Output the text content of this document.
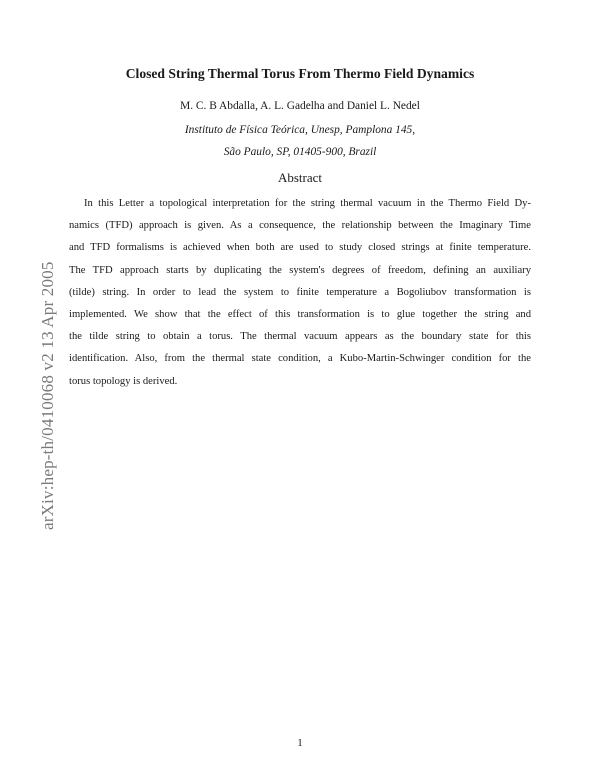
arXiv:hep-th/0410068 v2 13 Apr 2005
Closed String Thermal Torus From Thermo Field Dynamics
M. C. B Abdalla, A. L. Gadelha and Daniel L. Nedel
Instituto de Física Teórica, Unesp, Pamplona 145,
São Paulo, SP, 01405-900, Brazil
Abstract
In this Letter a topological interpretation for the string thermal vacuum in the Thermo Field Dy-
namics (TFD) approach is given. As a consequence, the relationship between the Imaginary Time
and TFD formalisms is achieved when both are used to study closed strings at finite temperature.
The TFD approach starts by duplicating the system's degrees of freedom, defining an auxiliary
(tilde) string. In order to lead the system to finite temperature a Bogoliubov transformation is
implemented. We show that the effect of this transformation is to glue together the string and
the tilde string to obtain a torus. The thermal vacuum appears as the boundary state for this
identification. Also, from the thermal state condition, a Kubo-Martin-Schwinger condition for the
torus topology is derived.
1
